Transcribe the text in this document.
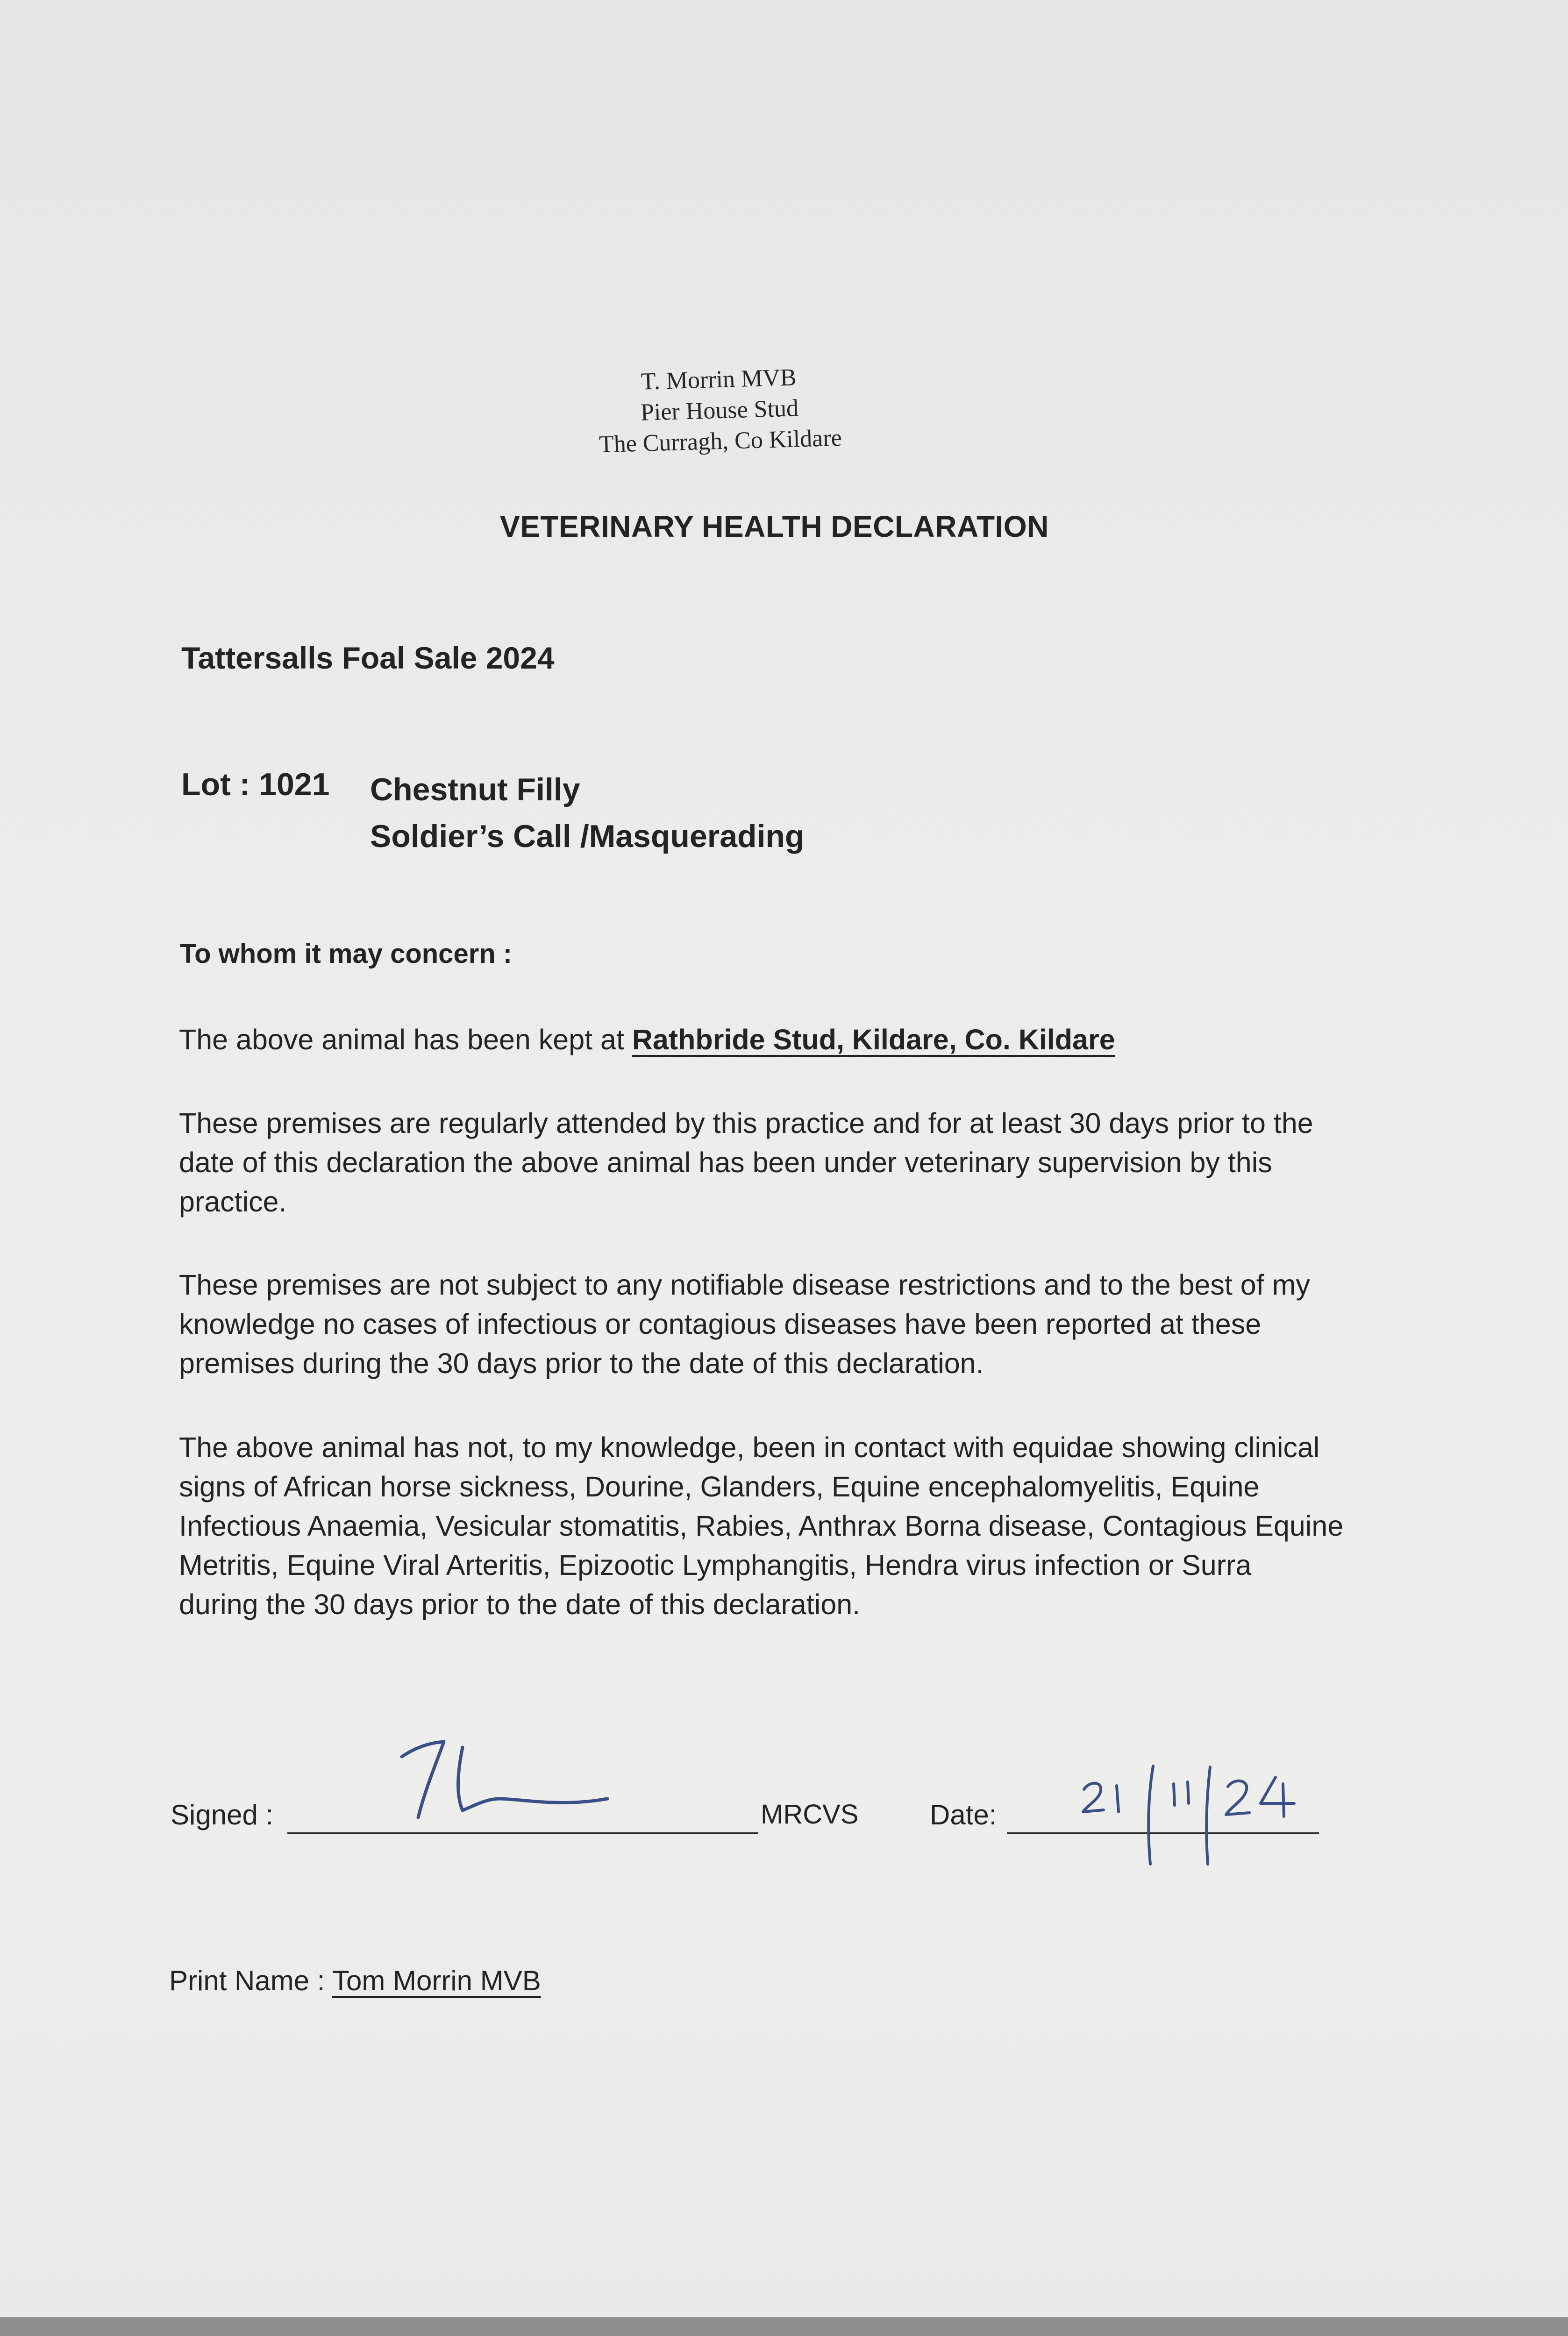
T. Morrin MVB
Pier House Stud
The Curragh, Co Kildare
VETERINARY HEALTH DECLARATION
Tattersalls Foal Sale 2024
Lot : 1021 Chestnut Filly
Soldier’s Call /Masquerading
To whom it may concern :
The above animal has been kept at Rathbride Stud, Kildare, Co. Kildare
These premises are regularly attended by this practice and for at least 30 days prior to the
date of this declaration the above animal has been under veterinary supervision by this
practice.
These premises are not subject to any notifiable disease restrictions and to the best of my
knowledge no cases of infectious or contagious diseases have been reported at these
premises during the 30 days prior to the date of this declaration.
The above animal has not, to my knowledge, been in contact with equidae showing clinical
signs of African horse sickness, Dourine, Glanders, Equine encephalomyelitis, Equine
Infectious Anaemia, Vesicular stomatitis, Rabies, Anthrax Borna disease, Contagious Equine
Metritis, Equine Viral Arteritis, Epizootic Lymphangitis, Hendra virus infection or Surra
during the 30 days prior to the date of this declaration.
Signed :	MRCVS	Date:
Print Name : Tom Morrin MVB
